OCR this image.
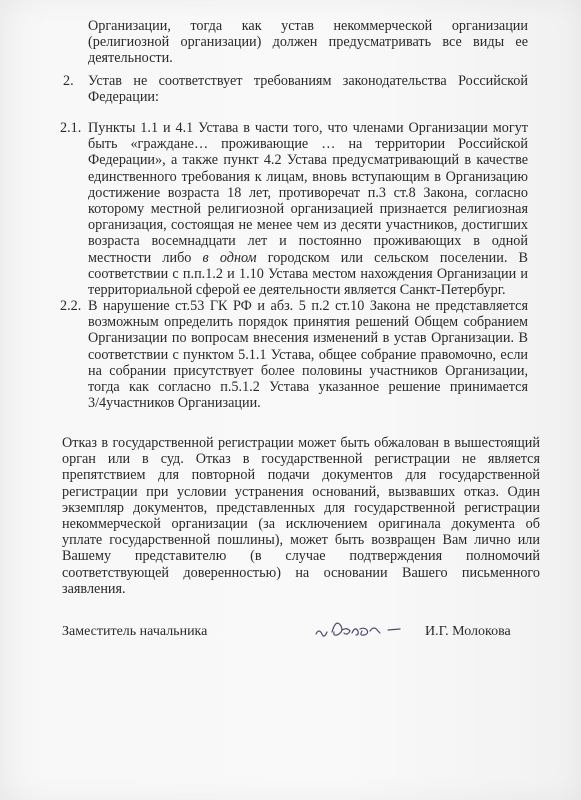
Организации, тогда как устав некоммерческой организации (религиозной организации) должен предусматривать все виды ее деятельности.

2. Устав не соответствует требованиям законодательства Российской Федерации:

2.1. Пункты 1.1 и 4.1 Устава в части того, что членами Организации могут быть «граждане… проживающие … на территории Российской Федерации», а также пункт 4.2 Устава предусматривающий в качестве единственного требования к лицам, вновь вступающим в Организацию достижение возраста 18 лет, противоречат п.3 ст.8 Закона, согласно которому местной религиозной организацией признается религиозная организация, состоящая не менее чем из десяти участников, достигших возраста восемнадцати лет и постоянно проживающих в одной местности либо в одном городском или сельском поселении. В соответствии с п.п.1.2 и 1.10 Устава местом нахождения Организации и территориальной сферой ее деятельности является Санкт-Петербург.

2.2. В нарушение ст.53 ГК РФ и абз. 5 п.2 ст.10 Закона не представляется возможным определить порядок принятия решений Общем собранием Организации по вопросам внесения изменений в устав Организации. В соответствии с пунктом 5.1.1 Устава, общее собрание правомочно, если на собрании присутствует более половины участников Организации, тогда как согласно п.5.1.2 Устава указанное решение принимается 3/4участников Организации.

Отказ в государственной регистрации может быть обжалован в вышестоящий орган или в суд. Отказ в государственной регистрации не является препятствием для повторной подачи документов для государственной регистрации при условии устранения оснований, вызвавших отказ. Один экземпляр документов, представленных для государственной регистрации некоммерческой организации (за исключением оригинала документа об уплате государственной пошлины), может быть возвращен Вам лично или Вашему представителю (в случае подтверждения полномочий соответствующей доверенностью) на основании Вашего письменного заявления.

Заместитель начальника	И.Г. Молокова
